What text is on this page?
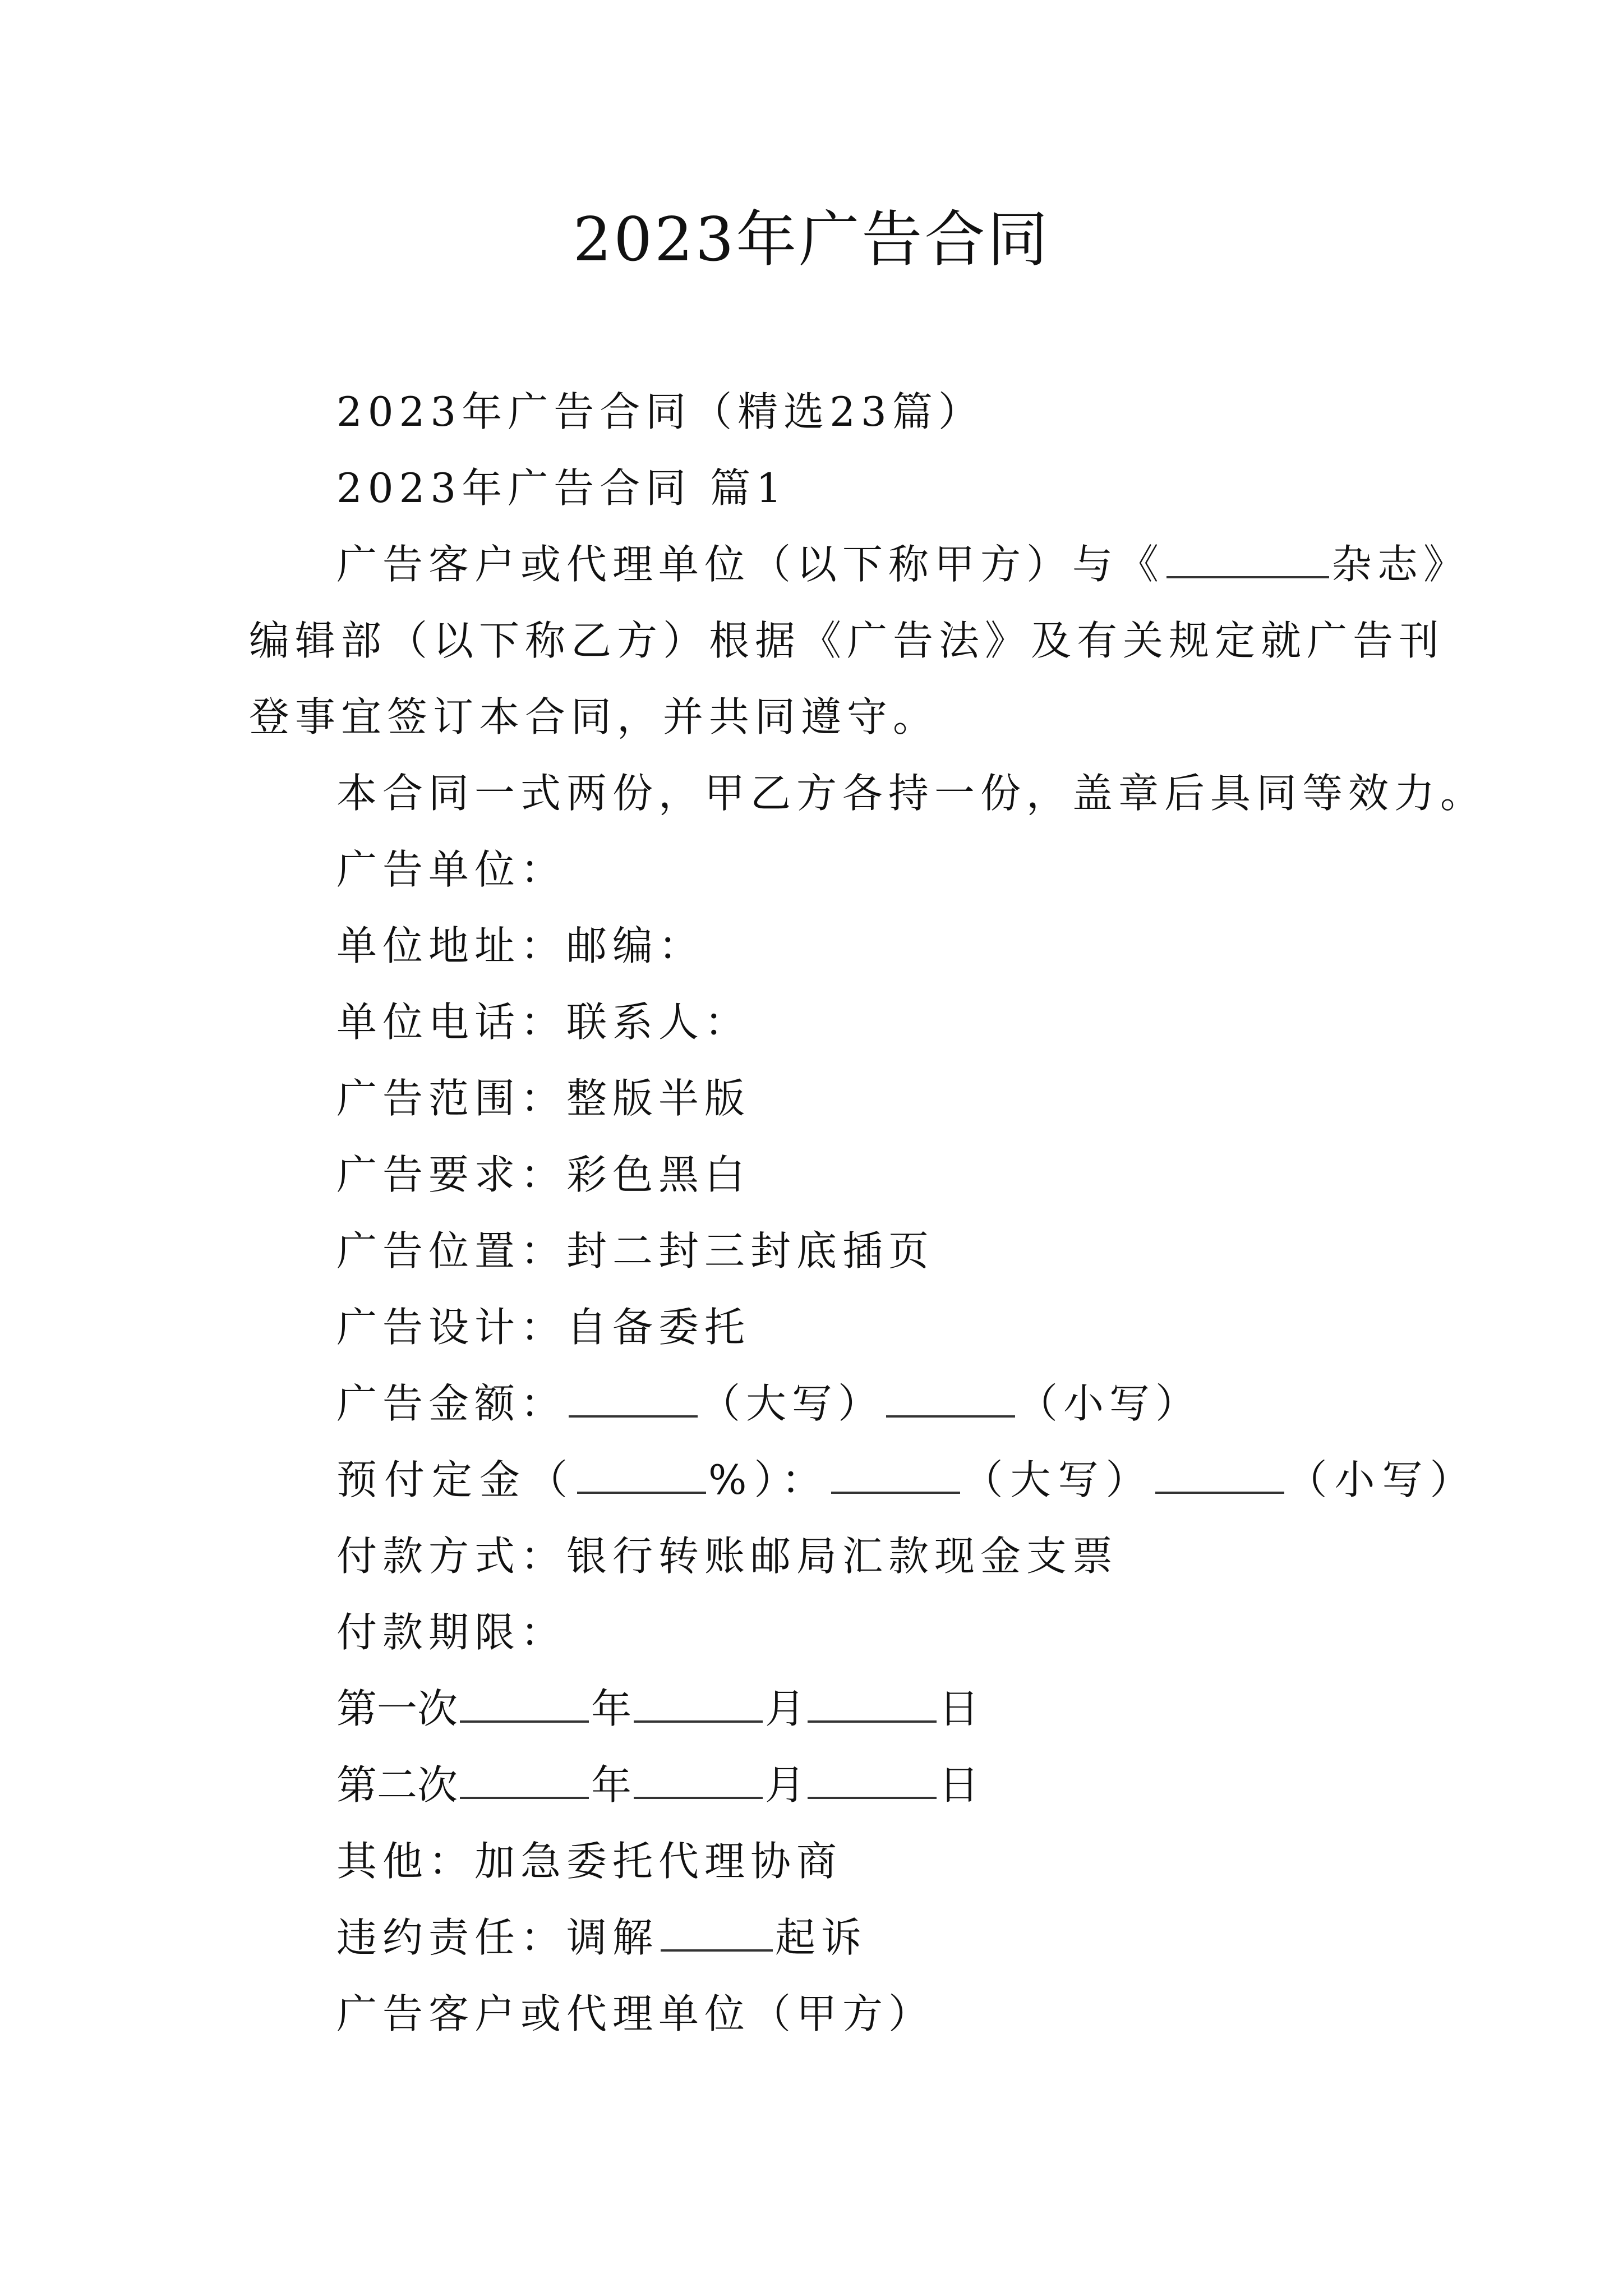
2023年广告合同
2023年广告合同（精选23篇）
2023年广告合同 篇1
广告客户或代理单位（以下称甲方）与《	杂志》
编辑部（以下称乙方）根据《广告法》及有关规定就广告刊
登事宜签订本合同，并共同遵守。
本合同一式两份，甲乙方各持一份，盖章后具同等效力。
广告单位：
单位地址：邮编：
单位电话：联系人：
广告范围：整版半版
广告要求：彩色黑白
广告位置：封二封三封底插页
广告设计：自备委托
广告金额：	（大写）	（小写）
预付定金（	%）：	（大写）	（小写）
付款方式：银行转账邮局汇款现金支票
付款期限：
第一次	年	月	日
第二次	年	月	日
其他：加急委托代理协商
违约责任：调解	起诉
广告客户或代理单位（甲方）
